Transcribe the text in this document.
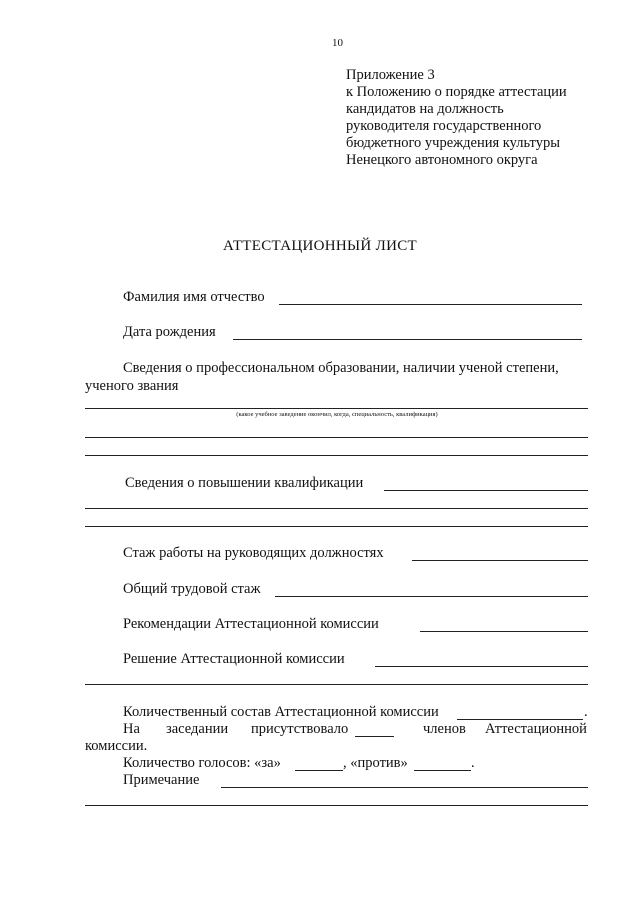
10
Приложение 3
к Положению о порядке аттестации
кандидатов на должность
руководителя государственного
бюджетного учреждения культуры
Ненецкого автономного округа
АТТЕСТАЦИОННЫЙ ЛИСТ
Фамилия имя отчество
Дата рождения
Сведения о профессиональном образовании, наличии ученой степени,
ученого звания
(какое учебное заведение окончил, когда, специальность, квалификация)
Сведения о повышении квалификации
Стаж работы на руководящих должностях
Общий трудовой стаж
Рекомендации Аттестационной комиссии
Решение Аттестационной комиссии
Количественный состав Аттестационной комиссии	.
На заседании присутствовало	членов Аттестационной
комиссии.
Количество голосов: «за»	, «против»	.
Примечание
